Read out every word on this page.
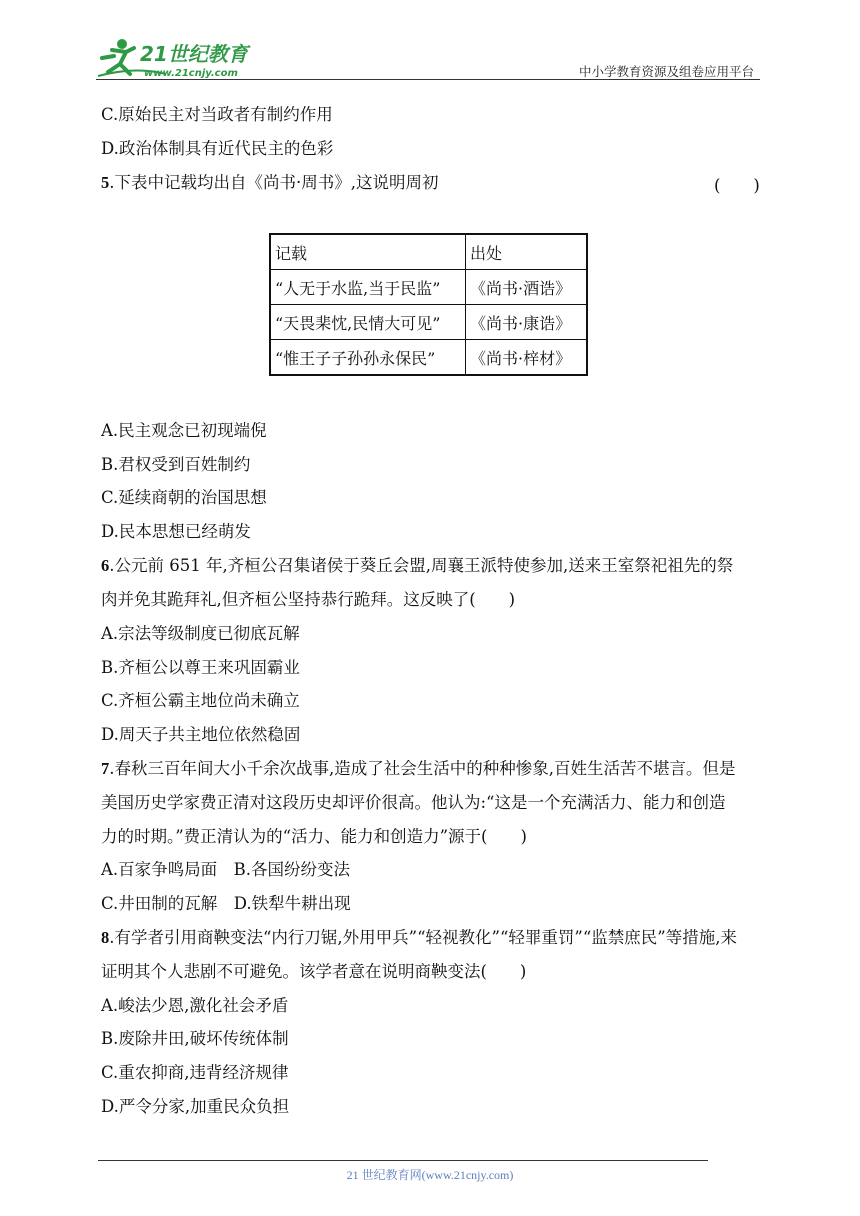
21世纪教育
www.21cnjy.com	中小学教育资源及组卷应用平台
C.原始民主对当政者有制约作用
D.政治体制具有近代民主的色彩
5.下表中记载均出自《尚书·周书》,这说明周初	(　　)
记载	出处
“人无于水监,当于民监”	《尚书·酒诰》
“天畏棐忱,民情大可见”	《尚书·康诰》
“惟王子子孙孙永保民”	《尚书·梓材》
A.民主观念已初现端倪
B.君权受到百姓制约
C.延续商朝的治国思想
D.民本思想已经萌发
6.公元前 651 年,齐桓公召集诸侯于葵丘会盟,周襄王派特使参加,送来王室祭祀祖先的祭
肉并免其跪拜礼,但齐桓公坚持恭行跪拜。这反映了(　　)
A.宗法等级制度已彻底瓦解
B.齐桓公以尊王来巩固霸业
C.齐桓公霸主地位尚未确立
D.周天子共主地位依然稳固
7.春秋三百年间大小千余次战事,造成了社会生活中的种种惨象,百姓生活苦不堪言。但是
美国历史学家费正清对这段历史却评价很高。他认为:“这是一个充满活力、能力和创造
力的时期。”费正清认为的“活力、能力和创造力”源于(　　)
A.百家争鸣局面　B.各国纷纷变法
C.井田制的瓦解　D.铁犁牛耕出现
8.有学者引用商鞅变法“内行刀锯,外用甲兵”“轻视教化”“轻罪重罚”“监禁庶民”等措施,来
证明其个人悲剧不可避免。该学者意在说明商鞅变法(　　)
A.峻法少恩,激化社会矛盾
B.废除井田,破坏传统体制
C.重农抑商,违背经济规律
D.严令分家,加重民众负担
21 世纪教育网(www.21cnjy.com)
